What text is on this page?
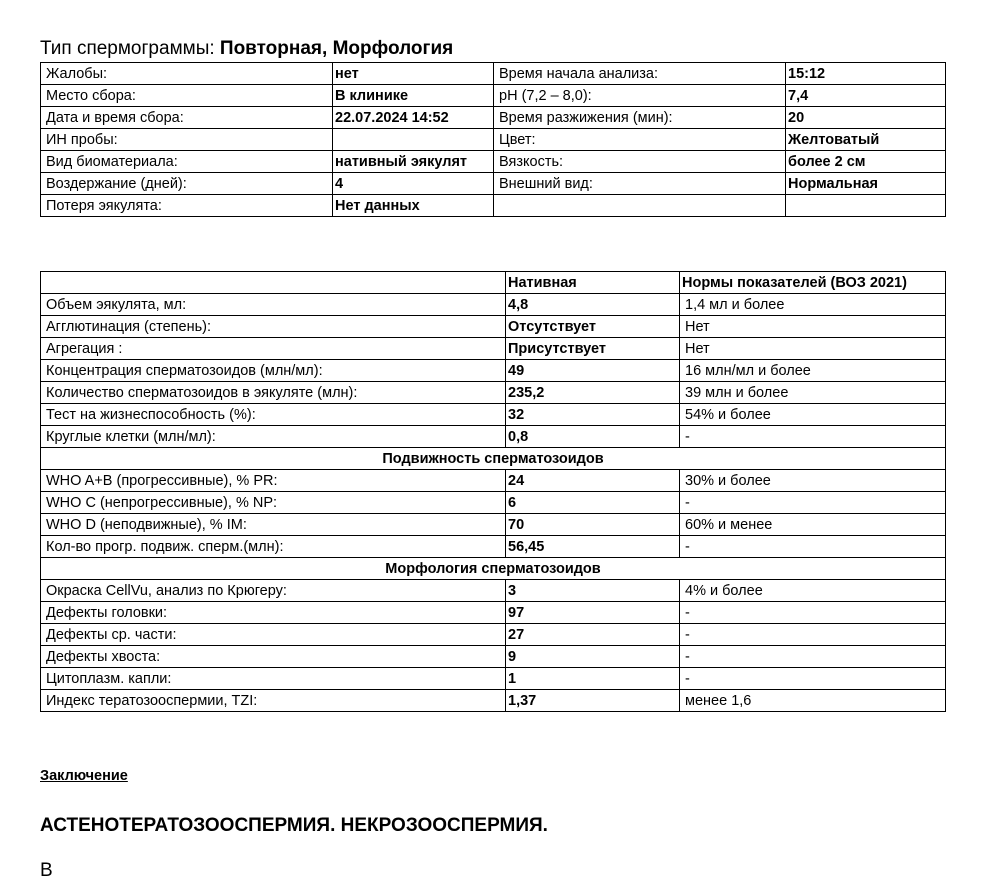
Тип спермограммы: Повторная, Морфология
Жалобы:	нет	Время начала анализа:	15:12
Место сбора:	В клинике	pH (7,2 – 8,0):	7,4
Дата и время сбора:	22.07.2024 14:52	Время разжижения (мин):	20
ИН пробы:		Цвет:	Желтоватый
Вид биоматериала:	нативный эякулят	Вязкость:	более 2 см
Воздержание (дней):	4	Внешний вид:	Нормальная
Потеря эякулята:	Нет данных		
	Нативная	Нормы показателей (ВОЗ 2021)
Объем эякулята, мл:	4,8	1,4 мл и более
Агглютинация (степень):	Отсутствует	Нет
Агрегация :	Присутствует	Нет
Концентрация сперматозоидов (млн/мл):	49	16 млн/мл и более
Количество сперматозоидов в эякуляте (млн):	235,2	39 млн и более
Тест на жизнеспособность (%):	32	54% и более
Круглые клетки (млн/мл):	0,8	-
Подвижность сперматозоидов		
WHO A+B (прогрессивные), % PR:	24	30% и более
WHO C (непрогрессивные), % NP:	6	-
WHO D (неподвижные), % IM:	70	60% и менее
Кол-во прогр. подвиж. сперм.(млн):	56,45	-
Морфология сперматозоидов		
Окраска CellVu, анализ по Крюгеру:	3	4% и более
Дефекты головки:	97	-
Дефекты ср. части:	27	-
Дефекты хвоста:	9	-
Цитоплазм. капли:	1	-
Индекс тератозооспермии, TZI:	1,37	менее 1,6
Заключение
АСТЕНОТЕРАТОЗООСПЕРМИЯ. НЕКРОЗООСПЕРМИЯ.
В
